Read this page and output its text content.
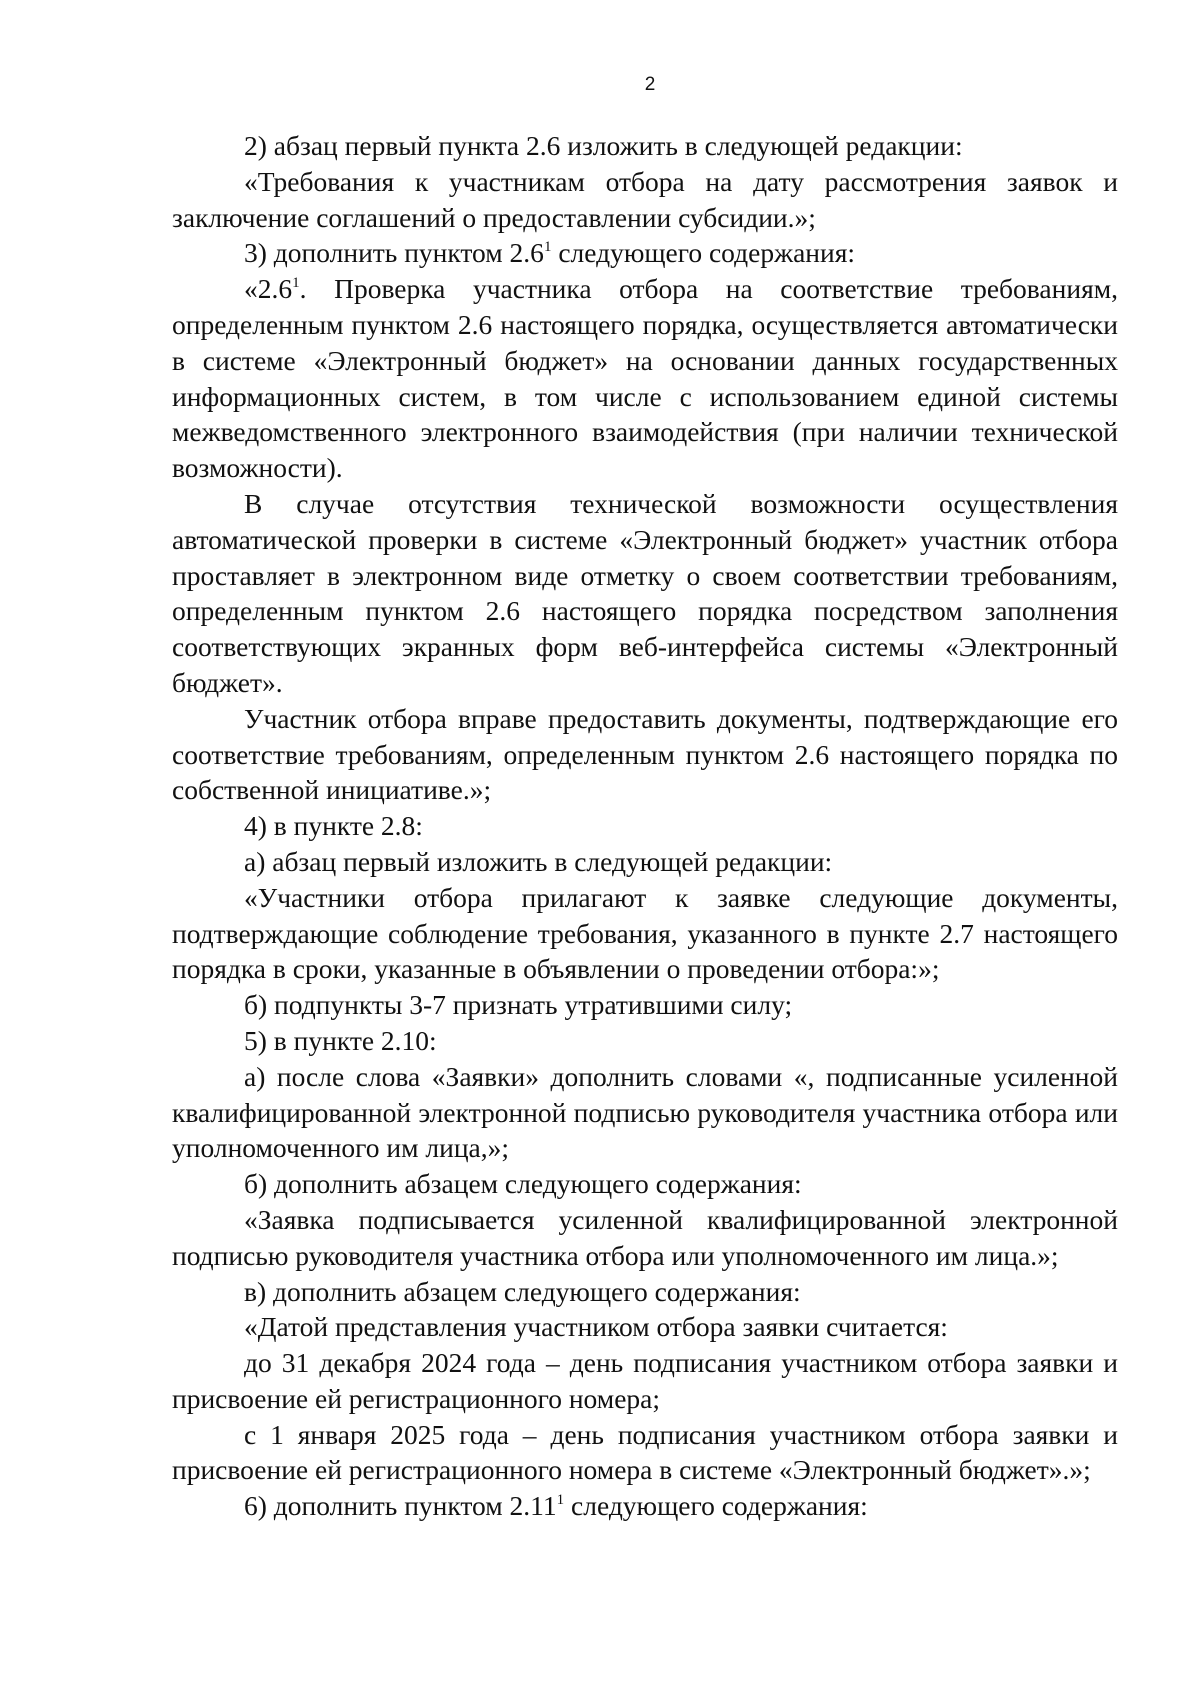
2

2) абзац первый пункта 2.6 изложить в следующей редакции:

«Требования к участникам отбора на дату рассмотрения заявок и заключение соглашений о предоставлении субсидии.»;

3) дополнить пунктом $2.6^1$ следующего содержания:

«$2.6^1$. Проверка участника отбора на соответствие требованиям, определенным пунктом 2.6 настоящего порядка, осуществляется автоматически в системе «Электронный бюджет» на основании данных государственных информационных систем, в том числе с использованием единой системы межведомственного электронного взаимодействия (при наличии технической возможности).

В случае отсутствия технической возможности осуществления автоматической проверки в системе «Электронный бюджет» участник отбора проставляет в электронном виде отметку о своем соответствии требованиям, определенным пунктом 2.6 настоящего порядка посредством заполнения соответствующих экранных форм веб-интерфейса системы «Электронный бюджет».

Участник отбора вправе предоставить документы, подтверждающие его соответствие требованиям, определенным пунктом 2.6 настоящего порядка по собственной инициативе.»;

4) в пункте 2.8:

а) абзац первый изложить в следующей редакции:

«Участники отбора прилагают к заявке следующие документы, подтверждающие соблюдение требования, указанного в пункте 2.7 настоящего порядка в сроки, указанные в объявлении о проведении отбора:»;

б) подпункты 3-7 признать утратившими силу;

5) в пункте 2.10:

а) после слова «Заявки» дополнить словами «, подписанные усиленной квалифицированной электронной подписью руководителя участника отбора или уполномоченного им лица,»;

б) дополнить абзацем следующего содержания:

«Заявка подписывается усиленной квалифицированной электронной подписью руководителя участника отбора или уполномоченного им лица.»;

в) дополнить абзацем следующего содержания:

«Датой представления участником отбора заявки считается:

до 31 декабря 2024 года – день подписания участником отбора заявки и присвоение ей регистрационного номера;

с 1 января 2025 года – день подписания участником отбора заявки и присвоение ей регистрационного номера в системе «Электронный бюджет».»;

6) дополнить пунктом 2.11$^1$ следующего содержания:
